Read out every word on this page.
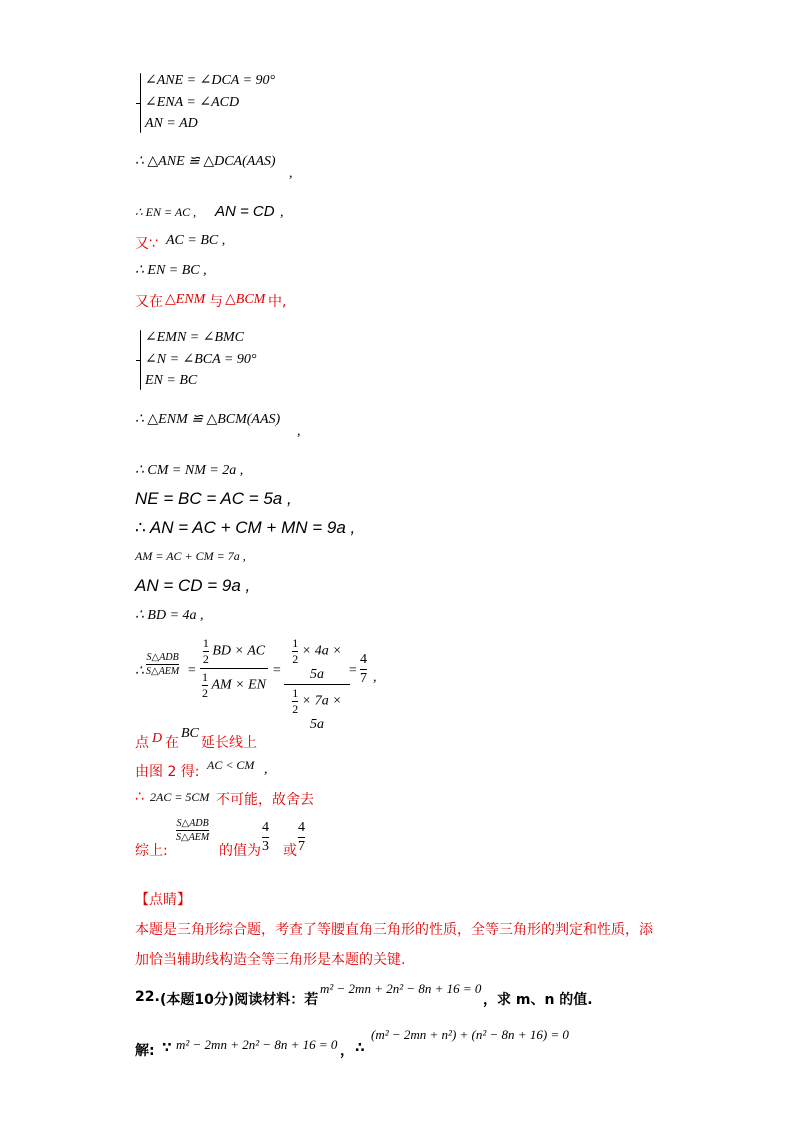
∠ANE = ∠DCA = 90°
∠ENA = ∠ACD
AN = AD
∴ △ANE ≌ △DCA(AAS)
,
∴ EN = AC , AN = CD ,
又∵ AC = BC ,
∴ EN = BC ,
又在 △ENM 与 △BCM 中,
∠EMN = ∠BMC
∠N = ∠BCA = 90°
EN = BC
∴ △ENM ≌ △BCM(AAS)
,
∴ CM = NM = 2a ,
NE = BC = AC = 5a ,
∴ AN = AC + CM + MN = 9a ,
AM = AC + CM = 7a ,
AN = CD = 9a ,
∴ BD = 4a ,
∴
S△ADB
S△AEM =
$\frac{1}{2}$ BD × AC
$\frac{1}{2}$ AM × EN
=
$\frac{1}{2} \times 4a \times 5a$
$\frac{1}{2} \times 7a \times 5a$
=
4
7 ,
点 D 在
BC
延长线上
由图 2 得: AC < CM ,
∴ 2AC = 5CM 不可能，故舍去
综上:
S△ADB
S△AEM
的值为
4
3 或
4
7
【点睛】
本题是三角形综合题，考查了等腰直角三角形的性质，全等三角形的判定和性质，添
加恰当辅助线构造全等三角形是本题的关键.
22. (本题10分)阅读材料：若
m² − 2mn + 2n² − 8n + 16 = 0
，求 m、n 的值.
解: ∵ m² − 2mn + 2n² − 8n + 16 = 0 ， ∴
(m² − 2mn + n²) + (n² − 8n + 16) = 0
